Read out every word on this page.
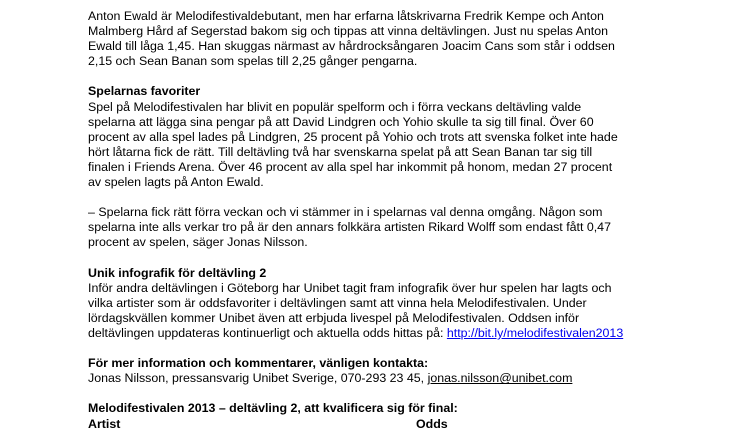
Anton Ewald är Melodifestivaldebutant, men har erfarna låtskrivarna Fredrik Kempe och Anton
Malmberg Hård af Segerstad bakom sig och tippas att vinna deltävlingen. Just nu spelas Anton
Ewald till låga 1,45. Han skuggas närmast av hårdrocksångaren Joacim Cans som står i oddsen
2,15 och Sean Banan som spelas till 2,25 gånger pengarna.
Spelarnas favoriter
Spel på Melodifestivalen har blivit en populär spelform och i förra veckans deltävling valde
spelarna att lägga sina pengar på att David Lindgren och Yohio skulle ta sig till final. Över 60
procent av alla spel lades på Lindgren, 25 procent på Yohio och trots att svenska folket inte hade
hört låtarna fick de rätt. Till deltävling två har svenskarna spelat på att Sean Banan tar sig till
finalen i Friends Arena. Över 46 procent av alla spel har inkommit på honom, medan 27 procent
av spelen lagts på Anton Ewald.
– Spelarna fick rätt förra veckan och vi stämmer in i spelarnas val denna omgång. Någon som
spelarna inte alls verkar tro på är den annars folkkära artisten Rikard Wolff som endast fått 0,47
procent av spelen, säger Jonas Nilsson.
Unik infografik för deltävling 2
Inför andra deltävlingen i Göteborg har Unibet tagit fram infografik över hur spelen har lagts och
vilka artister som är oddsfavoriter i deltävlingen samt att vinna hela Melodifestivalen. Under
lördagskvällen kommer Unibet även att erbjuda livespel på Melodifestivalen. Oddsen inför
deltävlingen uppdateras kontinuerligt och aktuella odds hittas på: http://bit.ly/melodifestivalen2013
För mer information och kommentarer, vänligen kontakta:
Jonas Nilsson, pressansvarig Unibet Sverige, 070-293 23 45, jonas.nilsson@unibet.com
Melodifestivalen 2013 – deltävling 2, att kvalificera sig för final:
Artist	Odds
